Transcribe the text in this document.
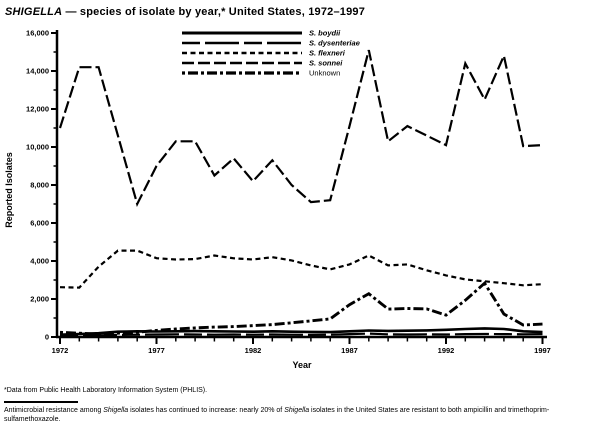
SHIGELLA — species of isolate by year,* United States, 1972–1997
0
2,000
4,000
6,000
8,000
10,000
12,000
14,000
16,000
1972	1977	1982	1987	1992	1997
Year
Reported Isolates
S. boydii
S. dysenteriae
S. flexneri
S. sonnei
Unknown
*Data from Public Health Laboratory Information System (PHLIS).
Antimicrobial resistance among Shigella isolates has continued to increase: nearly 20% of Shigella isolates in the United States are resistant to both ampicillin and trimethoprim-sulfamethoxazole.
